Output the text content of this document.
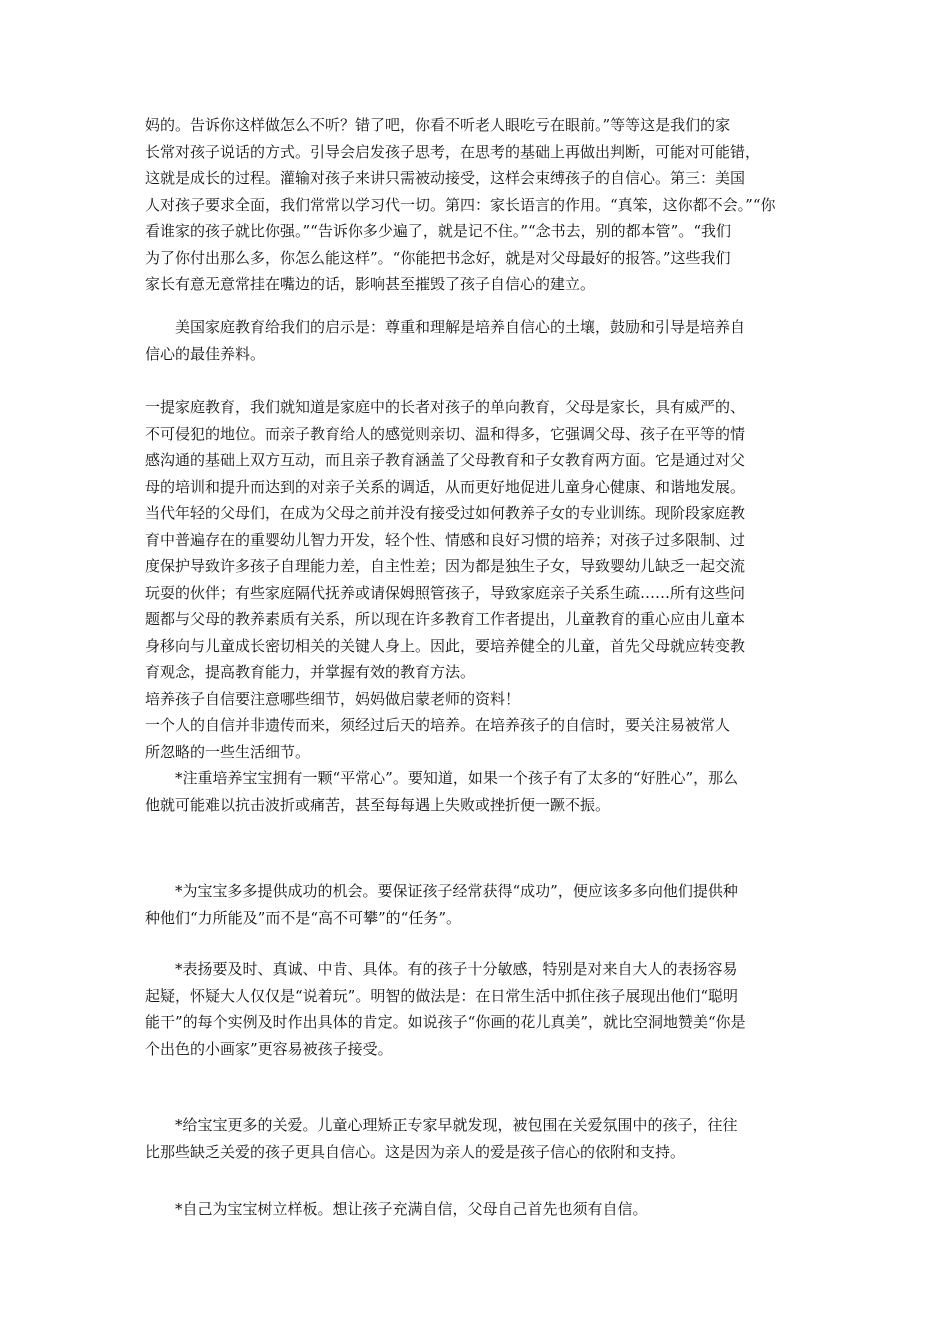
妈的。告诉你这样做怎么不听？错了吧，你看不听老人眼吃亏在眼前。”等等这是我们的家
长常对孩子说话的方式。引导会启发孩子思考，在思考的基础上再做出判断，可能对可能错，
这就是成长的过程。灌输对孩子来讲只需被动接受，这样会束缚孩子的自信心。第三：美国
人对孩子要求全面，我们常常以学习代一切。第四：家长语言的作用。“真笨，这你都不会。”“你
看谁家的孩子就比你强。”“告诉你多少遍了，就是记不住。”“念书去，别的都本管”。“我们
为了你付出那么多，你怎么能这样”。“你能把书念好，就是对父母最好的报答。”这些我们
家长有意无意常挂在嘴边的话，影响甚至摧毁了孩子自信心的建立。
　　美国家庭教育给我们的启示是：尊重和理解是培养自信心的土壤，鼓励和引导是培养自
信心的最佳养料。
一提家庭教育，我们就知道是家庭中的长者对孩子的单向教育，父母是家长，具有威严的、
不可侵犯的地位。而亲子教育给人的感觉则亲切、温和得多，它强调父母、孩子在平等的情
感沟通的基础上双方互动，而且亲子教育涵盖了父母教育和子女教育两方面。它是通过对父
母的培训和提升而达到的对亲子关系的调适，从而更好地促进儿童身心健康、和谐地发展。
当代年轻的父母们，在成为父母之前并没有接受过如何教养子女的专业训练。现阶段家庭教
育中普遍存在的重婴幼儿智力开发，轻个性、情感和良好习惯的培养；对孩子过多限制、过
度保护导致许多孩子自理能力差，自主性差；因为都是独生子女，导致婴幼儿缺乏一起交流
玩耍的伙伴；有些家庭隔代抚养或请保姆照管孩子，导致家庭亲子关系生疏……所有这些问
题都与父母的教养素质有关系，所以现在许多教育工作者提出，儿童教育的重心应由儿童本
身移向与儿童成长密切相关的关键人身上。因此，要培养健全的儿童，首先父母就应转变教
育观念，提高教育能力，并掌握有效的教育方法。
培养孩子自信要注意哪些细节，妈妈做启蒙老师的资料！
一个人的自信并非遗传而来，须经过后天的培养。在培养孩子的自信时，要关注易被常人
所忽略的一些生活细节。
　　*注重培养宝宝拥有一颗“平常心”。要知道，如果一个孩子有了太多的“好胜心”，那么
他就可能难以抗击波折或痛苦，甚至每每遇上失败或挫折便一蹶不振。
　　*为宝宝多多提供成功的机会。要保证孩子经常获得“成功”，便应该多多向他们提供种
种他们“力所能及”而不是“高不可攀”的“任务”。
　　*表扬要及时、真诚、中肯、具体。有的孩子十分敏感，特别是对来自大人的表扬容易
起疑，怀疑大人仅仅是“说着玩”。明智的做法是：在日常生活中抓住孩子展现出他们“聪明
能干”的每个实例及时作出具体的肯定。如说孩子“你画的花儿真美”，就比空洞地赞美“你是
个出色的小画家”更容易被孩子接受。
　　*给宝宝更多的关爱。儿童心理矫正专家早就发现，被包围在关爱氛围中的孩子，往往
比那些缺乏关爱的孩子更具自信心。这是因为亲人的爱是孩子信心的依附和支持。
　　*自己为宝宝树立样板。想让孩子充满自信，父母自己首先也须有自信。
